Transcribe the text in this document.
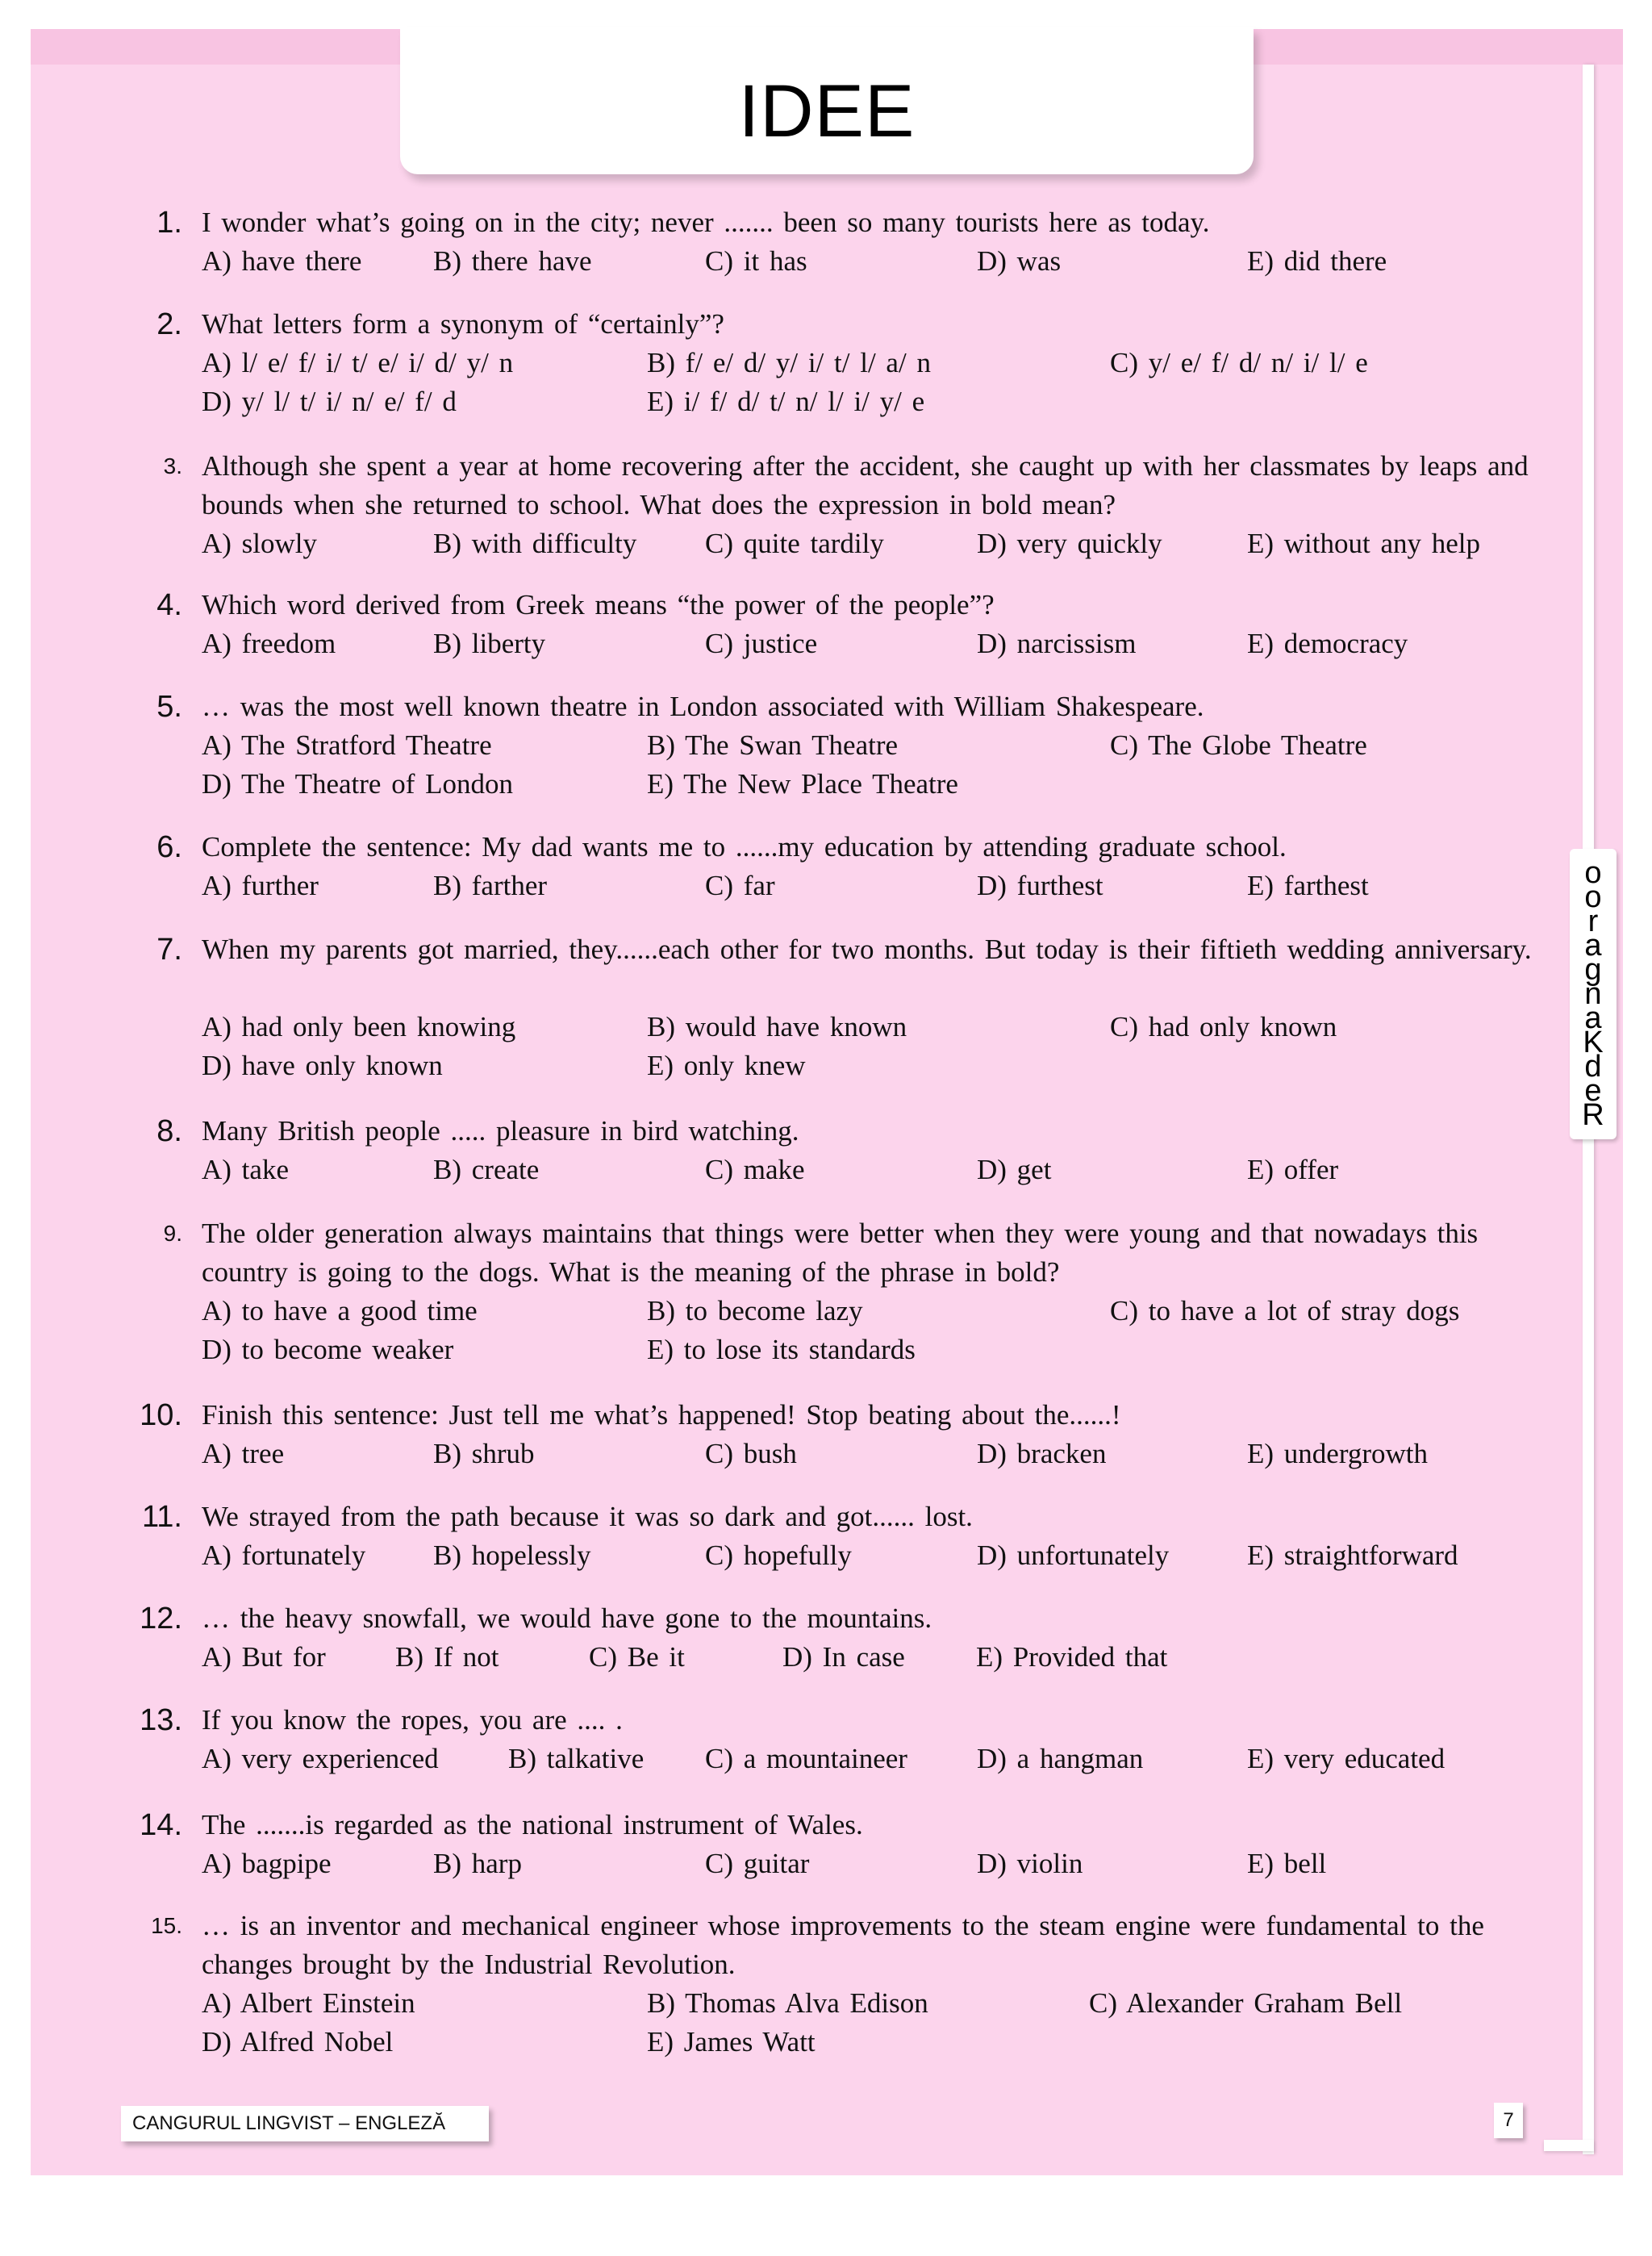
IDEE
o
o
r
a
g
n
a
K
d
e
R
1. I wonder what’s going on in the city; never ....... been so many tourists here as today.
A) have there	B) there have	C) it has	D) was	E) did there
2. What letters form a synonym of “certainly”?
A) l/ e/ f/ i/ t/ e/ i/ d/ y/ n	B) f/ e/ d/ y/ i/ t/ l/ a/ n	C) y/ e/ f/ d/ n/ i/ l/ e
D) y/ l/ t/ i/ n/ e/ f/ d	E) i/ f/ d/ t/ n/ l/ i/ y/ e
3. Although she spent a year at home recovering after the accident, she caught up with her classmates by leaps and bounds when she returned to school. What does the expression in bold mean?
A) slowly	B) with difficulty C) quite tardily	D) very quickly	E) without any help
4. Which word derived from Greek means “the power of the people”?
A) freedom	B) liberty	C) justice	D) narcissism	E) democracy
5. … was the most well known theatre in London associated with William Shakespeare.
A) The Stratford Theatre	B) The Swan Theatre	C) The Globe Theatre
D) The Theatre of London	E) The New Place Theatre
6. Complete the sentence: My dad wants me to ......my education by attending graduate school.
A) further	B) farther	C) far	D) furthest	E) farthest
7. When my parents got married, they......each other for two months. But today is their fiftieth wedding anniversary.
A) had only been knowing	B) would have known	C) had only known
D) have only known	E) only knew
8. Many British people ..... pleasure in bird watching.
A) take	B) create	C) make	D) get	E) offer
9. The older generation always maintains that things were better when they were young and that nowadays this country is going to the dogs. What is the meaning of the phrase in bold?
A) to have a good time	B) to become lazy	C) to have a lot of stray dogs
D) to become weaker	E) to lose its standards
10. Finish this sentence: Just tell me what’s happened! Stop beating about the......!
A) tree	B) shrub	C) bush	D) bracken	E) undergrowth
11. We strayed from the path because it was so dark and got...... lost.
A) fortunately B) hopelessly	C) hopefully	D) unfortunately	E) straightforward
12. … the heavy snowfall, we would have gone to the mountains.
A) But for B) If not	C) Be it	D) In case	E) Provided that
13. If you know the ropes, you are .... .
A) very experienced B) talkative C) a mountaineer D) a hangman	E) very educated
14. The .......is regarded as the national instrument of Wales.
A) bagpipe	B) harp	C) guitar	D) violin	E) bell
15. … is an inventor and mechanical engineer whose improvements to the steam engine were fundamental to the changes brought by the Industrial Revolution.
A) Albert Einstein	B) Thomas Alva Edison	C) Alexander Graham Bell
D) Alfred Nobel	E) James Watt
CANGURUL LINGVIST – ENGLEZĂ	7
